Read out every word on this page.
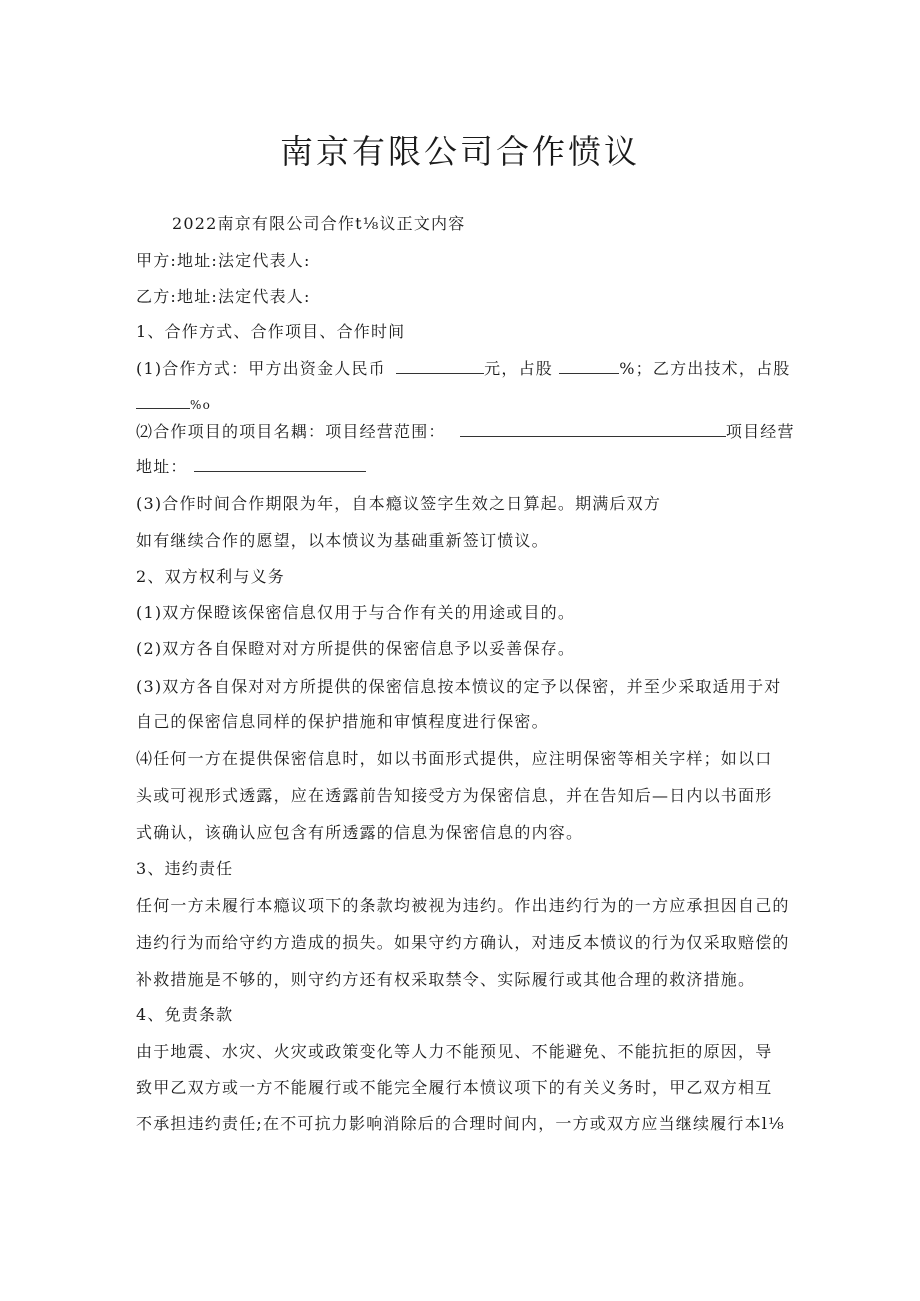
南京有限公司合作愤议
2022南京有限公司合作t⅛议正文内容
甲方:地址:法定代表人:
乙方:地址:法定代表人:
1、合作方式、合作项目、合作时间
(1)合作方式：甲方出资金人民币	元，占股	%；乙方出技术，占股
%o
⑵合作项目的项目名耦：项目经营范围：	项目经营
地址：
(3)合作时间合作期限为年，自本瘾议签字生效之日算起。期满后双方
如有继续合作的愿望，以本愤议为基础重新签订愤议。
2、双方权利与义务
(1)双方保瞪该保密信息仅用于与合作有关的用途或目的。
(2)双方各自保瞪对对方所提供的保密信息予以妥善保存。
(3)双方各自保对对方所提供的保密信息按本愤议的定予以保密，并至少采取适用于对
自己的保密信息同样的保护措施和审慎程度进行保密。
⑷任何一方在提供保密信息时，如以书面形式提供，应注明保密等相关字样；如以口
头或可视形式透露，应在透露前告知接受方为保密信息，并在告知后—日内以书面形
式确认，该确认应包含有所透露的信息为保密信息的内容。
3、违约责任
任何一方未履行本瘾议项下的条款均被视为违约。作出违约行为的一方应承担因自己的
违约行为而给守约方造成的损失。如果守约方确认，对违反本愤议的行为仅采取赔偿的
补救措施是不够的，则守约方还有权采取禁令、实际履行或其他合理的救济措施。
4、免责条款
由于地震、水灾、火灾或政策变化等人力不能预见、不能避免、不能抗拒的原因，导
致甲乙双方或一方不能履行或不能完全履行本愤议项下的有关义务时，甲乙双方相互
不承担违约责任;在不可抗力影响消除后的合理时间内，一方或双方应当继续履行本l⅛
